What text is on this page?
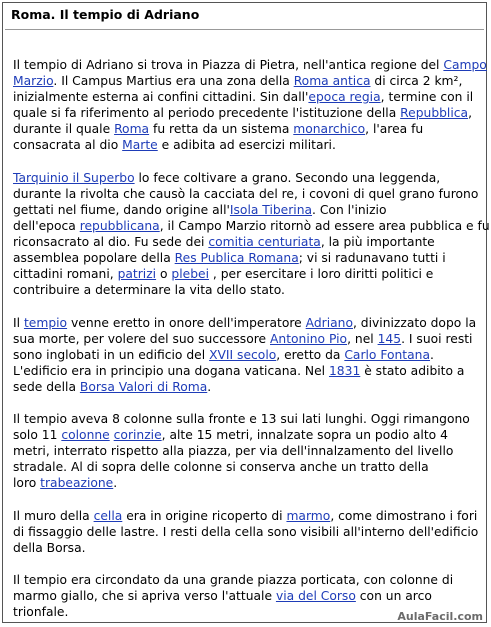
Roma. Il tempio di Adriano
Il tempio di Adriano si trova in Piazza di Pietra, nell'antica regione del Campo
Marzio. Il Campus Martius era una zona della Roma antica di circa 2 km²,
inizialmente esterna ai confini cittadini. Sin dall'epoca regia, termine con il
quale si fa riferimento al periodo precedente l'istituzione della Repubblica,
durante il quale Roma fu retta da un sistema monarchico, l'area fu
consacrata al dio Marte e adibita ad esercizi militari.
Tarquinio il Superbo lo fece coltivare a grano. Secondo una leggenda,
durante la rivolta che causò la cacciata del re, i covoni di quel grano furono
gettati nel fiume, dando origine all'Isola Tiberina. Con l'inizio
dell'epoca repubblicana, il Campo Marzio ritornò ad essere area pubblica e fu
riconsacrato al dio. Fu sede dei comitia centuriata, la più importante
assemblea popolare della Res Publica Romana; vi si radunavano tutti i
cittadini romani, patrizi o plebei , per esercitare i loro diritti politici e
contribuire a determinare la vita dello stato.
Il tempio venne eretto in onore dell'imperatore Adriano, divinizzato dopo la
sua morte, per volere del suo successore Antonino Pio, nel 145. I suoi resti
sono inglobati in un edificio del XVII secolo, eretto da Carlo Fontana.
L'edificio era in principio una dogana vaticana. Nel 1831 è stato adibito a
sede della Borsa Valori di Roma.
Il tempio aveva 8 colonne sulla fronte e 13 sui lati lunghi. Oggi rimangono
solo 11 colonne corinzie, alte 15 metri, innalzate sopra un podio alto 4
metri, interrato rispetto alla piazza, per via dell'innalzamento del livello
stradale. Al di sopra delle colonne si conserva anche un tratto della
loro trabeazione.
Il muro della cella era in origine ricoperto di marmo, come dimostrano i fori
di fissaggio delle lastre. I resti della cella sono visibili all'interno dell'edificio
della Borsa.
Il tempio era circondato da una grande piazza porticata, con colonne di
marmo giallo, che si apriva verso l'attuale via del Corso con un arco
trionfale.	AulaFacil.com
